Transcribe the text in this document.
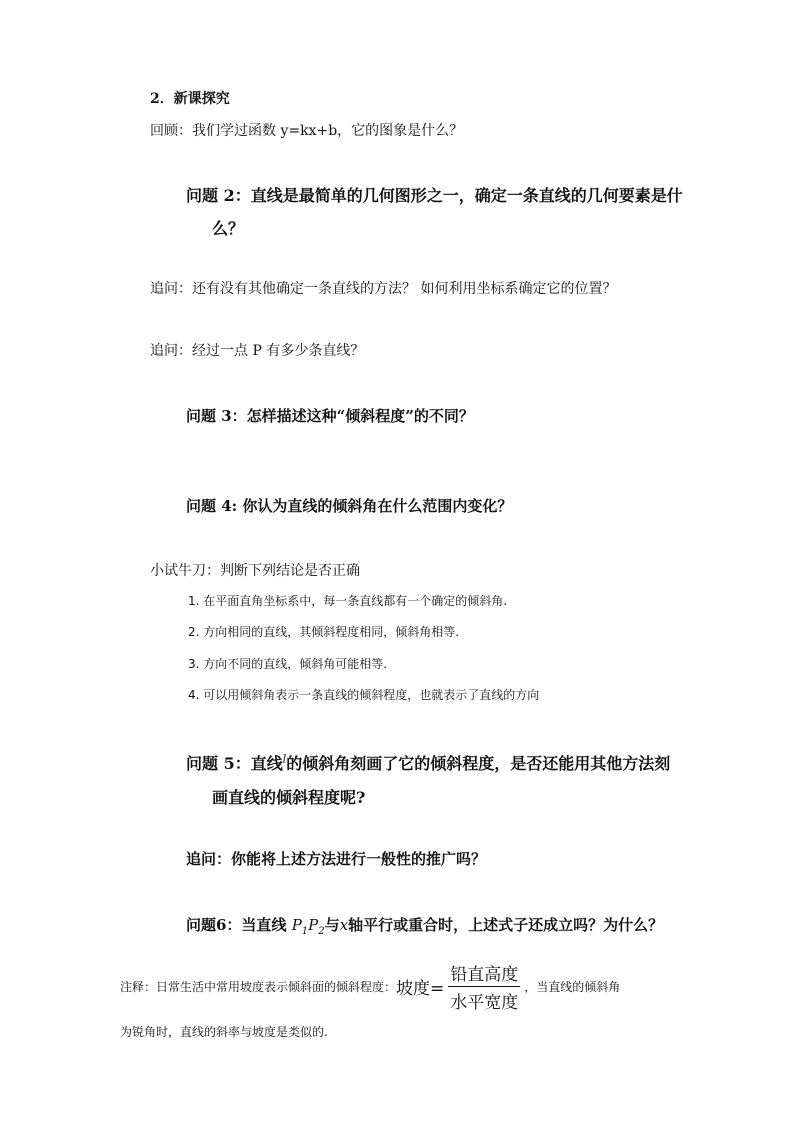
2．新课探究
回顾：我们学过函数 y=kx+b，它的图象是什么？
问题 2：直线是最简单的几何图形之一，确定一条直线的几何要素是什
么？
追问：还有没有其他确定一条直线的方法？ 如何利用坐标系确定它的位置？
追问：经过一点 P 有多少条直线？
问题 3：怎样描述这种“倾斜程度”的不同？
问题 4: 你认为直线的倾斜角在什么范围内变化？
小试牛刀：判断下列结论是否正确
1. 在平面直角坐标系中，每一条直线都有一个确定的倾斜角.
2. 方向相同的直线，其倾斜程度相同，倾斜角相等.
3. 方向不同的直线，倾斜角可能相等.
4. 可以用倾斜角表示一条直线的倾斜程度，也就表示了直线的方向
问题 5：直线$^l$的倾斜角刻画了它的倾斜程度，是否还能用其他方法刻
画直线的倾斜程度呢?
追问：你能将上述方法进行一般性的推广吗？
问题6：当直线 $P_1P_2$与x轴平行或重合时，上述式子还成立吗？为什么？
注释：日常生活中常用坡度表示倾斜面的倾斜程度： 坡度= $\frac{\text{铅直高度}}{\text{水平宽度}}$ ，当直线的倾斜角
为锐角时，直线的斜率与坡度是类似的.
